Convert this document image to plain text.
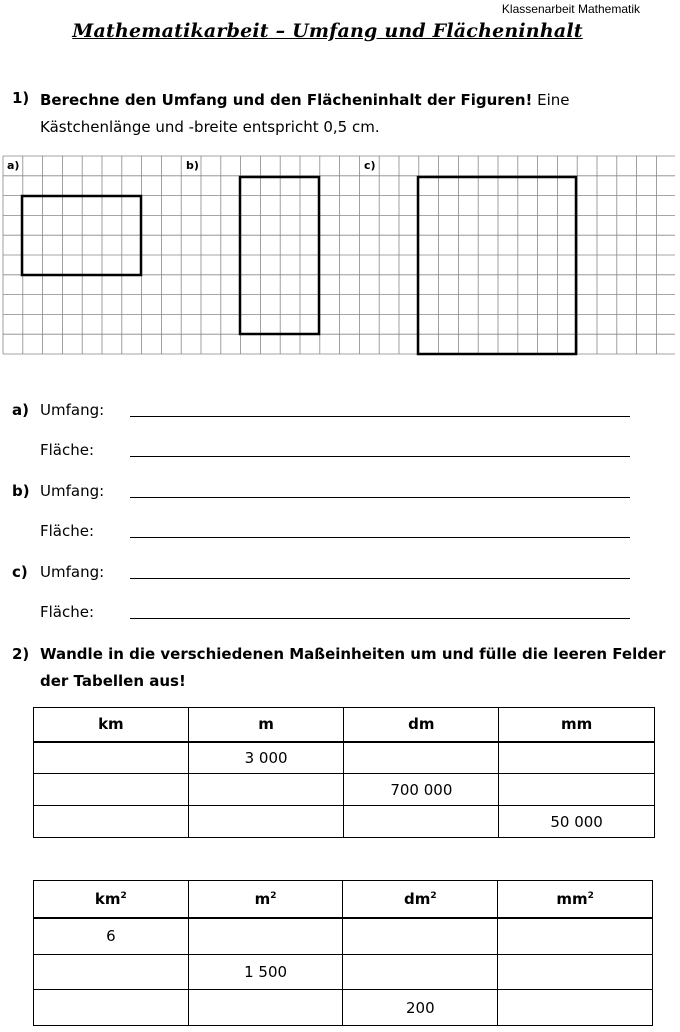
Klassenarbeit Mathematik
Mathematikarbeit – Umfang und Flächeninhalt
1) Berechne den Umfang und den Flächeninhalt der Figuren! Eine
Kästchenlänge und -breite entspricht 0,5 cm.
a)	b)	c)
a) Umfang:
Fläche:
b) Umfang:
Fläche:
c) Umfang:
Fläche:
2) Wandle in die verschiedenen Maßeinheiten um und fülle die leeren Felder
der Tabellen aus!
km	m	dm	mm
	3 000		
		700 000	
			50 000
$km^2$	$m^2$	$dm^2$	$mm^2$
6			
	1 500		
		200	
